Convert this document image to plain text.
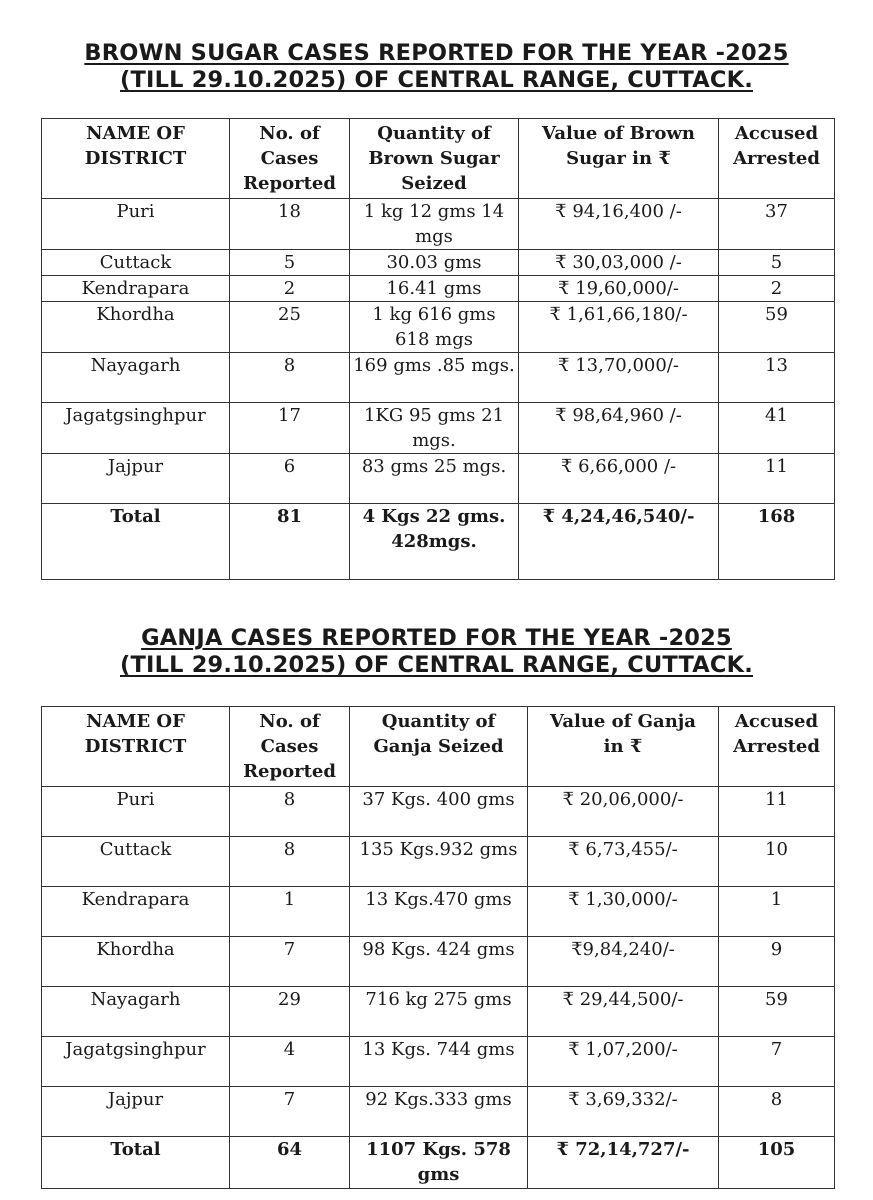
BROWN SUGAR CASES REPORTED FOR THE YEAR -2025
(TILL 29.10.2025) OF CENTRAL RANGE, CUTTACK.
NAME OF
DISTRICT	No. of
Cases
Reported	Quantity of
Brown Sugar
Seized	Value of Brown
Sugar in ₹	Accused
Arrested
Puri	18	1 kg 12 gms 14 mgs	₹ 94,16,400 /-	37
Cuttack	5	30.03 gms	₹ 30,03,000 /-	5
Kendrapara	2	16.41 gms	₹ 19,60,000/-	2
Khordha	25	1 kg 616 gms 618 mgs	₹ 1,61,66,180/-	59
Nayagarh	8	169 gms .85 mgs.	₹ 13,70,000/-	13
Jagatgsinghpur	17	1KG 95 gms 21 mgs.	₹ 98,64,960 /-	41
Jajpur	6	83 gms 25 mgs.	₹ 6,66,000 /-	11
Total	81	4 Kgs 22 gms. 428mgs.	₹ 4,24,46,540/-	168
GANJA CASES REPORTED FOR THE YEAR -2025
(TILL 29.10.2025) OF CENTRAL RANGE, CUTTACK.
NAME OF
DISTRICT	No. of
Cases
Reported	Quantity of
Ganja Seized	Value of Ganja
in ₹	Accused
Arrested
Puri	8	37 Kgs. 400 gms	₹ 20,06,000/-	11
Cuttack	8	135 Kgs.932 gms	₹ 6,73,455/-	10
Kendrapara	1	13 Kgs.470 gms	₹ 1,30,000/-	1
Khordha	7	98 Kgs. 424 gms	₹9,84,240/-	9
Nayagarh	29	716 kg 275 gms	₹ 29,44,500/-	59
Jagatgsinghpur	4	13 Kgs. 744 gms	₹ 1,07,200/-	7
Jajpur	7	92 Kgs.333 gms	₹ 3,69,332/-	8
Total	64	1107 Kgs. 578 gms	₹ 72,14,727/-	105
